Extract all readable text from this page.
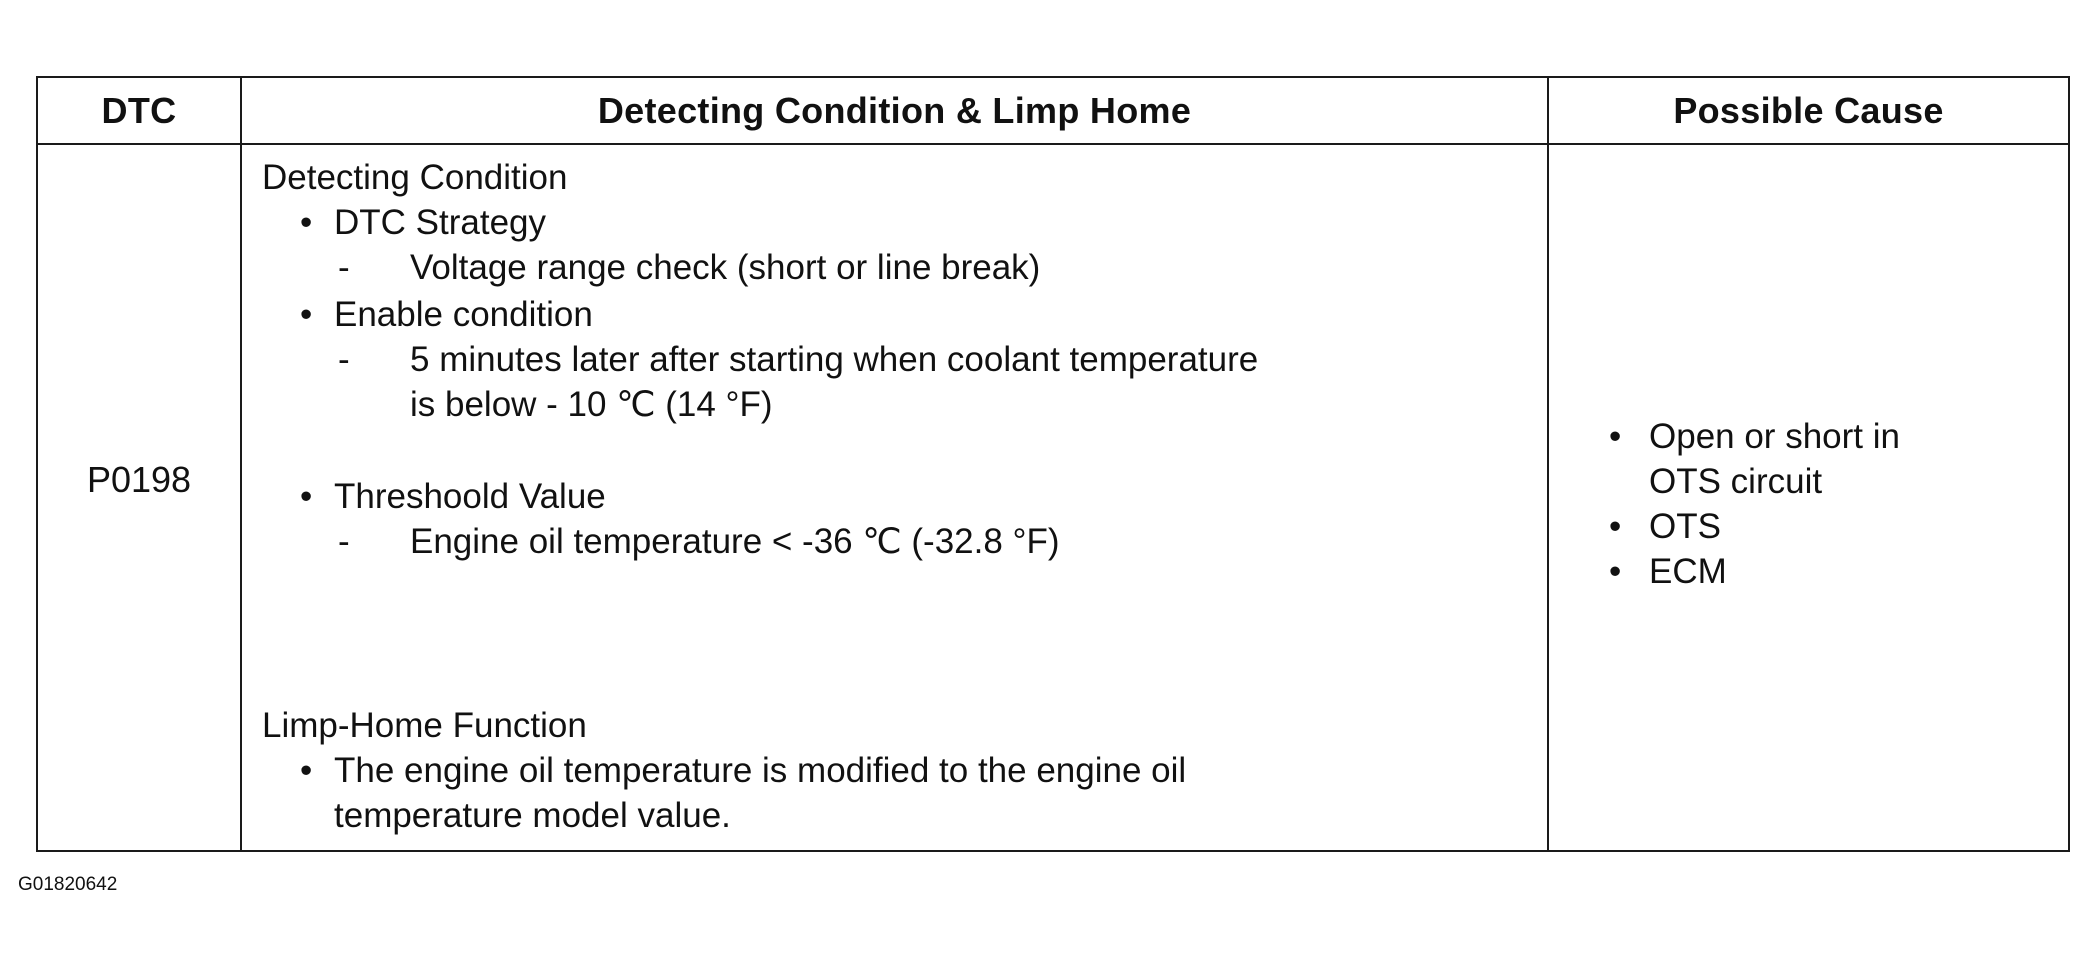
DTC	Detecting Condition & Limp Home	Possible Cause
P0198
Detecting Condition
• DTC Strategy
- Voltage range check (short or line break)
• Enable condition
- 5 minutes later after starting when coolant temperature
is below - 10 ℃ (14 °F)
• Threshoold Value
- Engine oil temperature < -36 ℃ (-32.8 °F)
Limp-Home Function
• The engine oil temperature is modified to the engine oil
temperature model value.
• Open or short in
OTS circuit
• OTS
• ECM
G01820642
